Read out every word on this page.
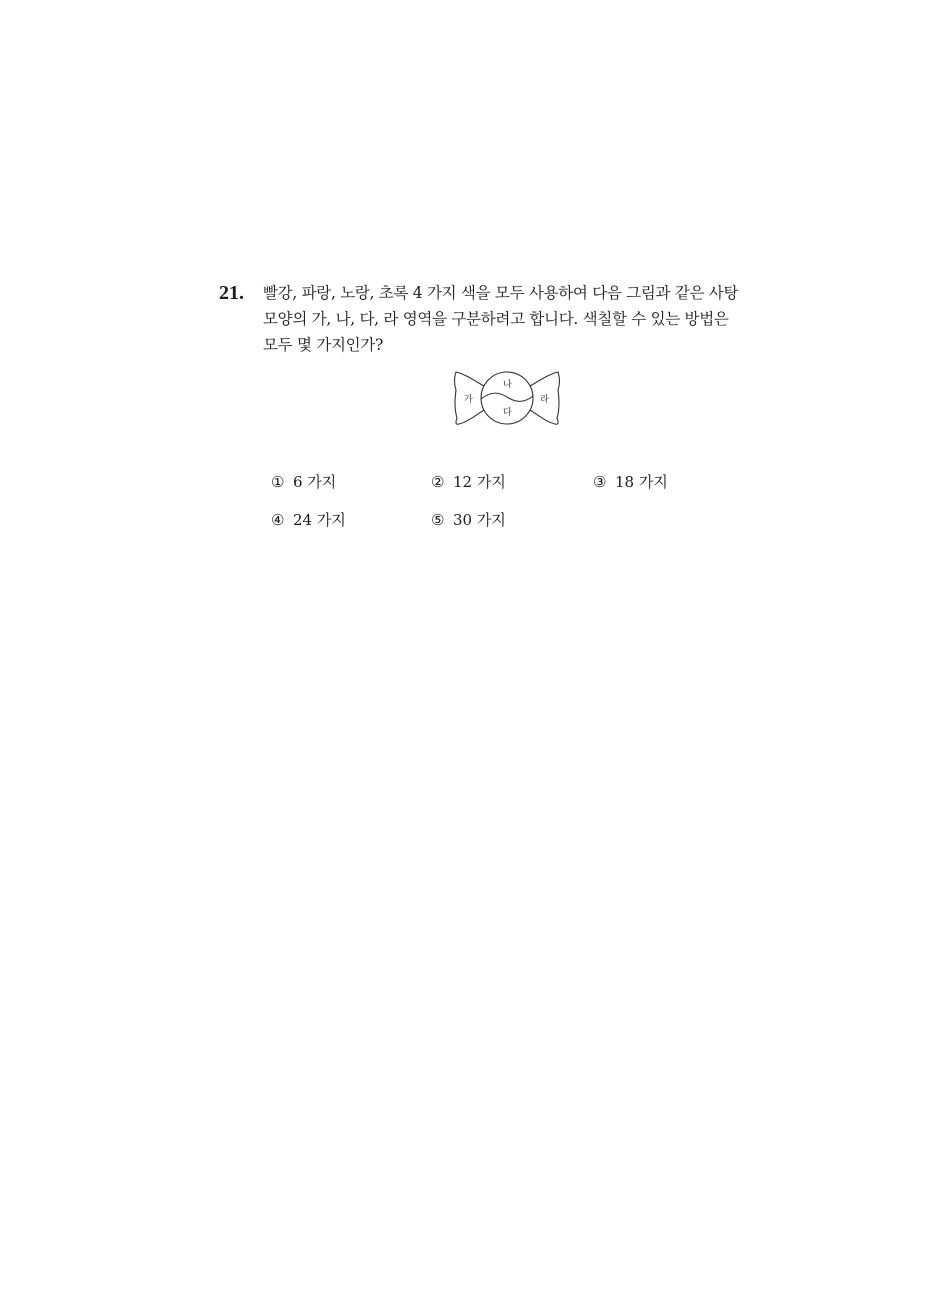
21. 빨강, 파랑, 노랑, 초록 4 가지 색을 모두 사용하여 다음 그림과 같은 사탕
모양의 가, 나, 다, 라 영역을 구분하려고 합니다. 색칠할 수 있는 방법은
모두 몇 가지인가?
가
나
다
라
① 6 가지	② 12 가지	③ 18 가지
④ 24 가지	⑤ 30 가지
